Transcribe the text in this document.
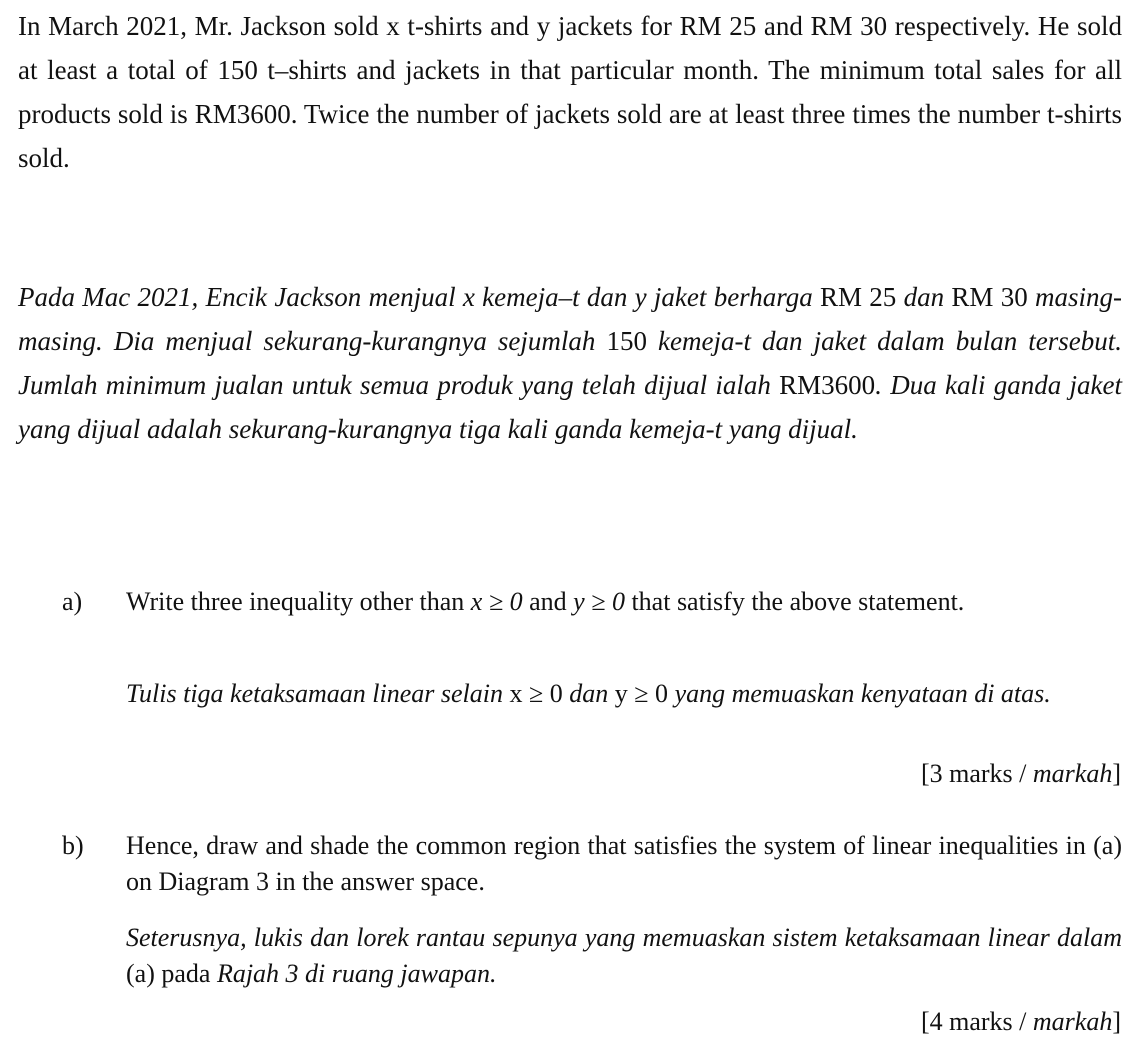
In March 2021, Mr. Jackson sold x t-shirts and y jackets for RM 25 and RM 30 respectively. He sold at least a total of 150 t–shirts and jackets in that particular month. The minimum total sales for all products sold is RM3600. Twice the number of jackets sold are at least three times the number t-shirts sold.
Pada Mac 2021, Encik Jackson menjual x kemeja–t dan y jaket berharga RM 25 dan RM 30 masing-masing. Dia menjual sekurang-kurangnya sejumlah 150 kemeja-t dan jaket dalam bulan tersebut. Jumlah minimum jualan untuk semua produk yang telah dijual ialah RM3600. Dua kali ganda jaket yang dijual adalah sekurang-kurangnya tiga kali ganda kemeja-t yang dijual.
a) Write three inequality other than x ≥ 0 and y ≥ 0 that satisfy the above statement.
Tulis tiga ketaksamaan linear selain x ≥ 0 dan y ≥ 0 yang memuaskan kenyataan di atas.
[3 marks / markah]
b) Hence, draw and shade the common region that satisfies the system of linear inequalities in (a) on Diagram 3 in the answer space.
Seterusnya, lukis dan lorek rantau sepunya yang memuaskan sistem ketaksamaan linear dalam (a) pada Rajah 3 di ruang jawapan.
[4 marks / markah]
